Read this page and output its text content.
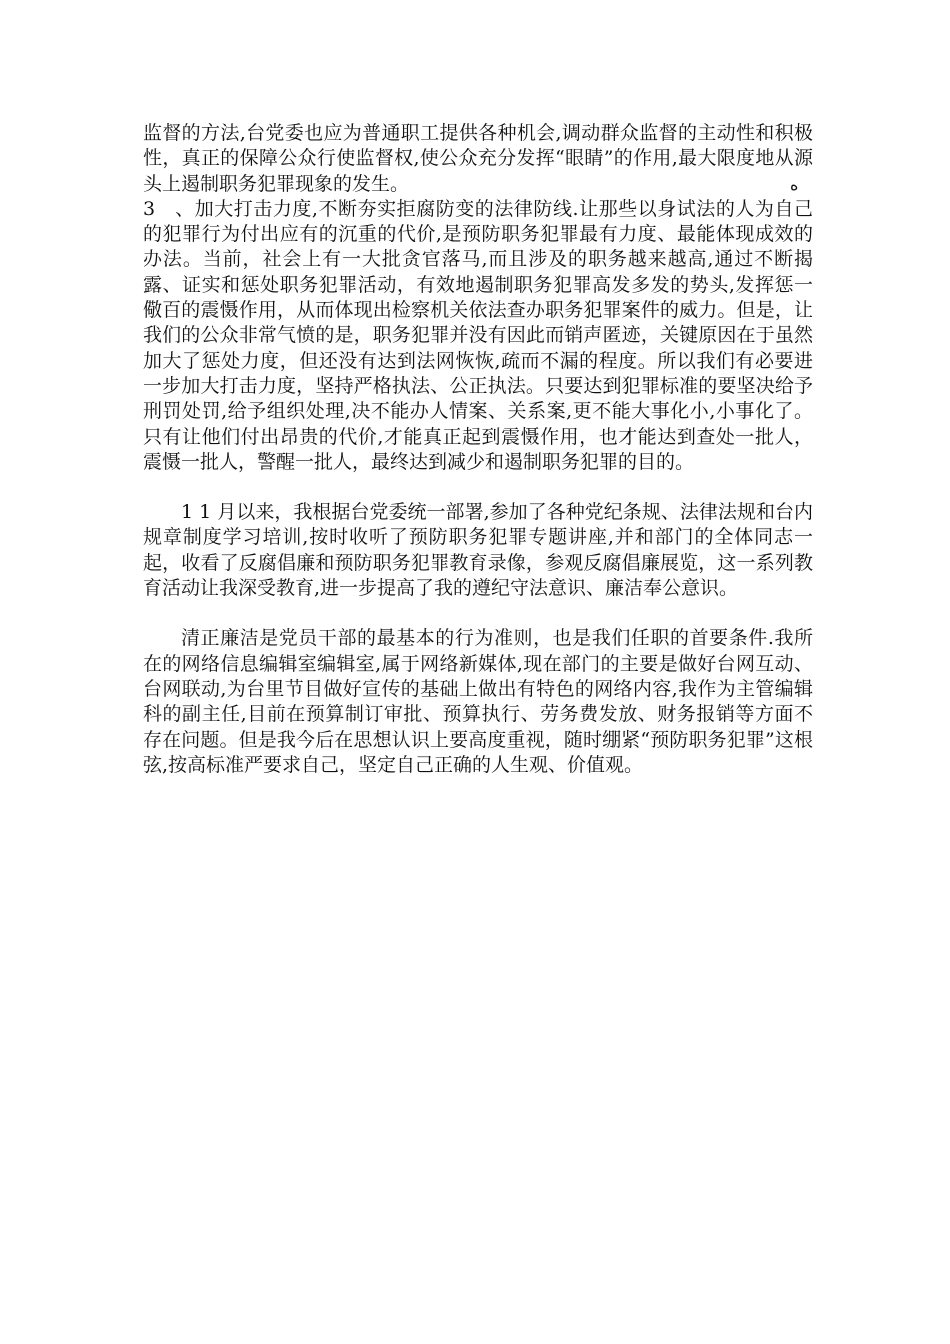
监督的方法,台党委也应为普通职工提供各种机会,调动群众监督的主动性和积极性，真正的保障公众行使监督权,使公众充分发挥“眼睛”的作用,最大限度地从源头上遏制职务犯罪现象的发生。

3　、加大打击力度,不断夯实拒腐防变的法律防线.让那些以身试法的人为自己的犯罪行为付出应有的沉重的代价,是预防职务犯罪最有力度、最能体现成效的办法。当前，社会上有一大批贪官落马,而且涉及的职务越来越高,通过不断揭露、证实和惩处职务犯罪活动，有效地遏制职务犯罪高发多发的势头,发挥惩一儆百的震慑作用，从而体现出检察机关依法查办职务犯罪案件的威力。但是，让我们的公众非常气愤的是，职务犯罪并没有因此而销声匿迹，关键原因在于虽然加大了惩处力度，但还没有达到法网恢恢,疏而不漏的程度。所以我们有必要进一步加大打击力度，坚持严格执法、公正执法。只要达到犯罪标准的要坚决给予刑罚处罚,给予组织处理,决不能办人情案、关系案,更不能大事化小,小事化了。只有让他们付出昂贵的代价,才能真正起到震慑作用，也才能达到查处一批人，震慑一批人，警醒一批人，最终达到减少和遏制职务犯罪的目的。

1 1 月以来，我根据台党委统一部署,参加了各种党纪条规、法律法规和台内规章制度学习培训,按时收听了预防职务犯罪专题讲座,并和部门的全体同志一起，收看了反腐倡廉和预防职务犯罪教育录像，参观反腐倡廉展览，这一系列教育活动让我深受教育,进一步提高了我的遵纪守法意识、廉洁奉公意识。

清正廉洁是党员干部的最基本的行为准则，也是我们任职的首要条件.我所在的网络信息编辑室编辑室,属于网络新媒体,现在部门的主要是做好台网互动、台网联动,为台里节目做好宣传的基础上做出有特色的网络内容,我作为主管编辑科的副主任,目前在预算制订审批、预算执行、劳务费发放、财务报销等方面不存在问题。但是我今后在思想认识上要高度重视，随时绷紧“预防职务犯罪”这根弦,按高标准严要求自己，坚定自己正确的人生观、价值观。

ه
